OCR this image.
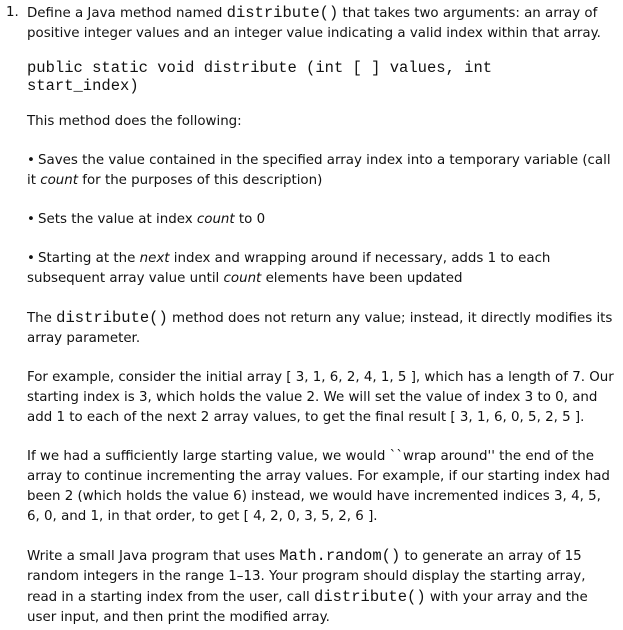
1. Define a Java method named distribute() that takes two arguments: an array of positive integer values and an integer value indicating a valid index within that array.

public static void distribute (int [ ] values, int
start_index)

This method does the following:

• Saves the value contained in the specified array index into a temporary variable (call it count for the purposes of this description)

• Sets the value at index count to 0

• Starting at the next index and wrapping around if necessary, adds 1 to each subsequent array value until count elements have been updated

The distribute() method does not return any value; instead, it directly modifies its array parameter.

For example, consider the initial array [ 3, 1, 6, 2, 4, 1, 5 ], which has a length of 7. Our starting index is 3, which holds the value 2. We will set the value of index 3 to 0, and add 1 to each of the next 2 array values, to get the final result [ 3, 1, 6, 0, 5, 2, 5 ].

If we had a sufficiently large starting value, we would ``wrap around'' the end of the array to continue incrementing the array values. For example, if our starting index had been 2 (which holds the value 6) instead, we would have incremented indices 3, 4, 5, 6, 0, and 1, in that order, to get [ 4, 2, 0, 3, 5, 2, 6 ].

Write a small Java program that uses Math.random() to generate an array of 15 random integers in the range 1–13. Your program should display the starting array, read in a starting index from the user, call distribute() with your array and the user input, and then print the modified array.
